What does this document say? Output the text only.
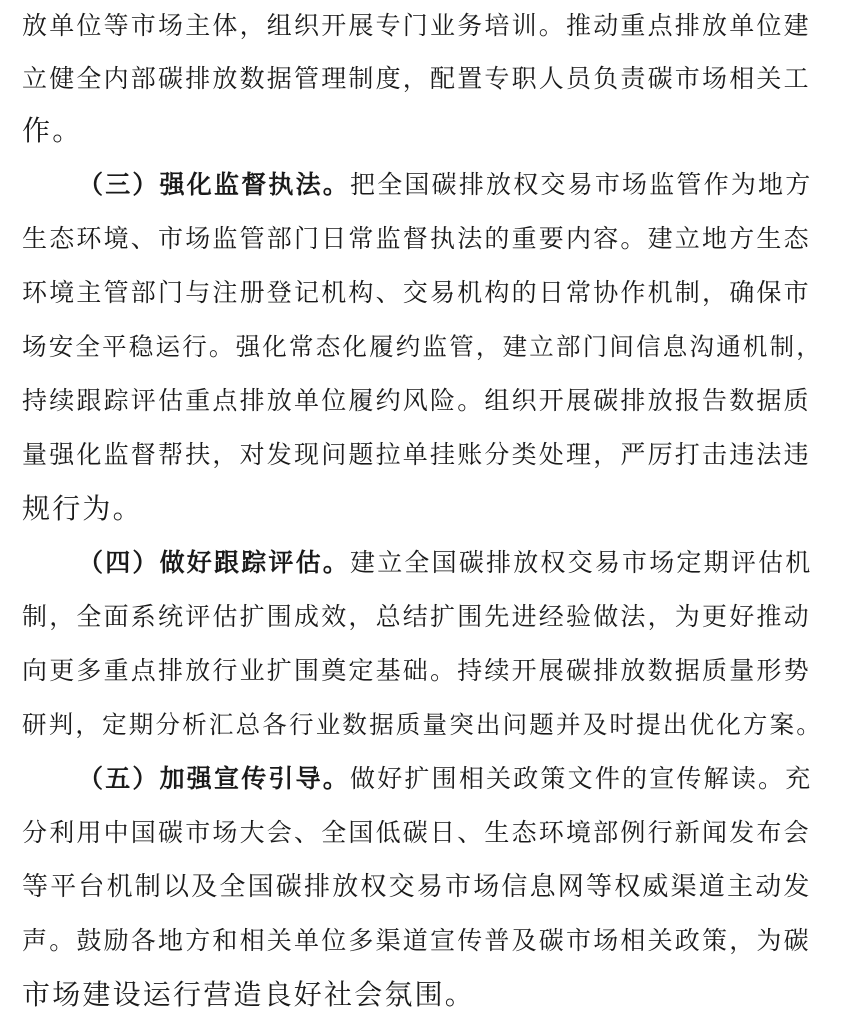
放单位等市场主体，组织开展专门业务培训。推动重点排放单位建
立健全内部碳排放数据管理制度，配置专职人员负责碳市场相关工
作。
（三）强化监督执法。把全国碳排放权交易市场监管作为地方
生态环境、市场监管部门日常监督执法的重要内容。建立地方生态
环境主管部门与注册登记机构、交易机构的日常协作机制，确保市
场安全平稳运行。强化常态化履约监管，建立部门间信息沟通机制，
持续跟踪评估重点排放单位履约风险。组织开展碳排放报告数据质
量强化监督帮扶，对发现问题拉单挂账分类处理，严厉打击违法违
规行为。
（四）做好跟踪评估。建立全国碳排放权交易市场定期评估机
制，全面系统评估扩围成效，总结扩围先进经验做法，为更好推动
向更多重点排放行业扩围奠定基础。持续开展碳排放数据质量形势
研判，定期分析汇总各行业数据质量突出问题并及时提出优化方案。
（五）加强宣传引导。做好扩围相关政策文件的宣传解读。充
分利用中国碳市场大会、全国低碳日、生态环境部例行新闻发布会
等平台机制以及全国碳排放权交易市场信息网等权威渠道主动发
声。鼓励各地方和相关单位多渠道宣传普及碳市场相关政策，为碳
市场建设运行营造良好社会氛围。
